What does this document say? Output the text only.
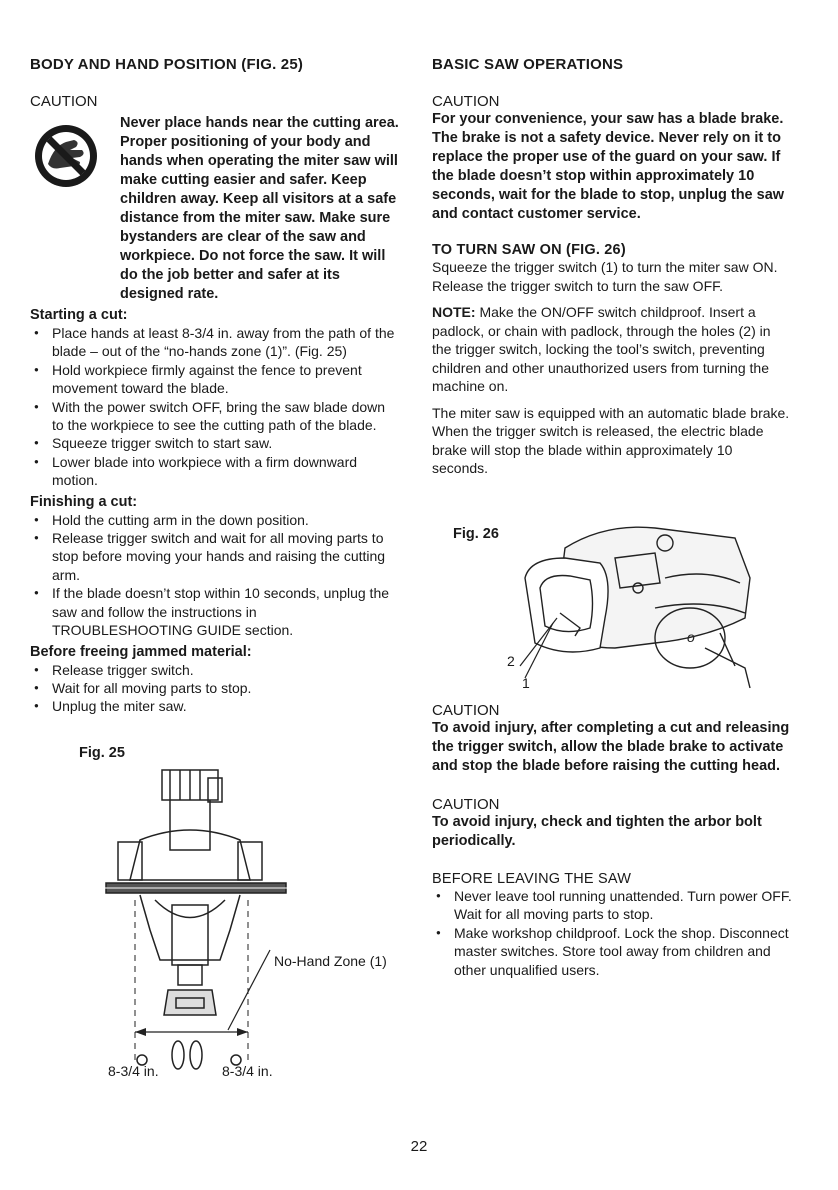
BODY AND HAND POSITION (FIG. 25)

CAUTION

Never place hands near the cutting area. Proper positioning of your body and hands when operating the miter saw will make cutting easier and safer. Keep children away. Keep all visitors at a safe distance from the miter saw. Make sure bystanders are clear of the saw and workpiece. Do not force the saw. It will do the job better and safer at its designed rate.

Starting a cut:

● Place hands at least 8-3/4 in. away from the path of the blade – out of the “no-hands zone (1)”. (Fig. 25)
● Hold workpiece firmly against the fence to prevent movement toward the blade.
● With the power switch OFF, bring the saw blade down to the workpiece to see the cutting path of the blade.
● Squeeze trigger switch to start saw.
● Lower blade into workpiece with a firm downward motion.

Finishing a cut:

● Hold the cutting arm in the down position.
● Release trigger switch and wait for all moving parts to stop before moving your hands and raising the cutting arm.
● If the blade doesn’t stop within 10 seconds, unplug the saw and follow the instructions in TROUBLESHOOTING GUIDE section.

Before freeing jammed material:

● Release trigger switch.
● Wait for all moving parts to stop.
● Unplug the miter saw.
Fig. 25
No-Hand Zone (1)
8-3/4 in.	8-3/4 in.

BASIC SAW OPERATIONS

CAUTION

For your convenience, your saw has a blade brake. The brake is not a safety device. Never rely on it to replace the proper use of the guard on your saw. If the blade doesn’t stop within approximately 10 seconds, wait for the blade to stop, unplug the saw and contact customer service.

TO TURN SAW ON (FIG. 26)

Squeeze the trigger switch (1) to turn the miter saw ON. Release the trigger switch to turn the saw OFF.

NOTE: Make the ON/OFF switch childproof. Insert a padlock, or chain with padlock, through the holes (2) in the trigger switch, locking the tool’s switch, preventing children and other unauthorized users from turning the machine on.

The miter saw is equipped with an automatic blade brake. When the trigger switch is released, the electric blade brake will stop the blade within approximately 10 seconds.

Fig. 26
o
2
1

CAUTION

To avoid injury, after completing a cut and releasing the trigger switch, allow the blade brake to activate and stop the blade before raising the cutting head.

CAUTION

To avoid injury, check and tighten the arbor bolt periodically.

BEFORE LEAVING THE SAW

● Never leave tool running unattended. Turn power OFF. Wait for all moving parts to stop.
● Make workshop childproof. Lock the shop. Disconnect master switches. Store tool away from children and other unqualified users.
22
